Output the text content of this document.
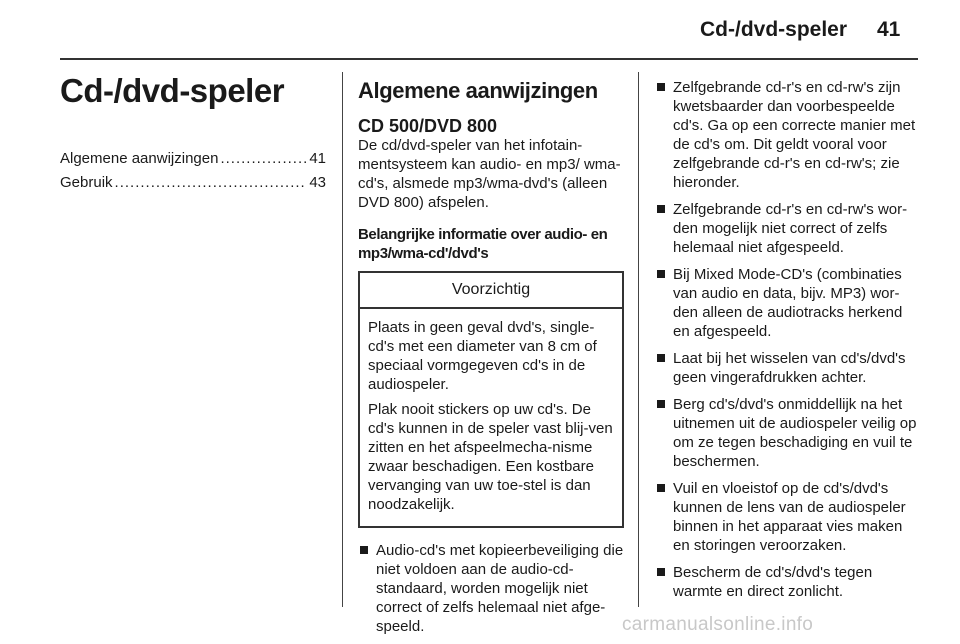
Cd-/dvd-speler 41
Cd-/dvd-speler
Algemene aanwijzingen .....	41
Gebruik .....	43
Algemene aanwijzingen
CD 500/DVD 800

De cd/dvd-speler van het infotain-mentsysteem kan audio- en mp3/ wma-cd's, alsmede mp3/wma-dvd's (alleen DVD 800) afspelen.

Belangrijke informatie over audio- en mp3/wma-cd'/dvd's

Voorzichtig

Plaats in geen geval dvd's, single-cd's met een diameter van 8 cm of speciaal vormgegeven cd's in de audiospeler.

Plak nooit stickers op uw cd's. De cd's kunnen in de speler vast blij-ven zitten en het afspeelmecha-nisme zwaar beschadigen. Een kostbare vervanging van uw toe-stel is dan noodzakelijk.

Audio-cd's met kopieerbeveiliging die niet voldoen aan de audio-cd-standaard, worden mogelijk niet correct of zelfs helemaal niet afge-speeld.
Zelfgebrande cd-r's en cd-rw's zijn kwetsbaarder dan voorbespeelde cd's. Ga op een correcte manier met de cd's om. Dit geldt vooral voor zelfgebrande cd-r's en cd-rw's; zie hieronder.
Zelfgebrande cd-r's en cd-rw's wor-den mogelijk niet correct of zelfs helemaal niet afgespeeld.
Bij Mixed Mode-CD's (combinaties van audio en data, bijv. MP3) wor-den alleen de audiotracks herkend en afgespeeld.
Laat bij het wisselen van cd's/dvd's geen vingerafdrukken achter.
Berg cd's/dvd's onmiddellijk na het uitnemen uit de audiospeler veilig op om ze tegen beschadiging en vuil te beschermen.
Vuil en vloeistof op de cd's/dvd's kunnen de lens van de audiospeler binnen in het apparaat vies maken en storingen veroorzaken.
Bescherm de cd's/dvd's tegen warmte en direct zonlicht.
carmanualsonline.info
